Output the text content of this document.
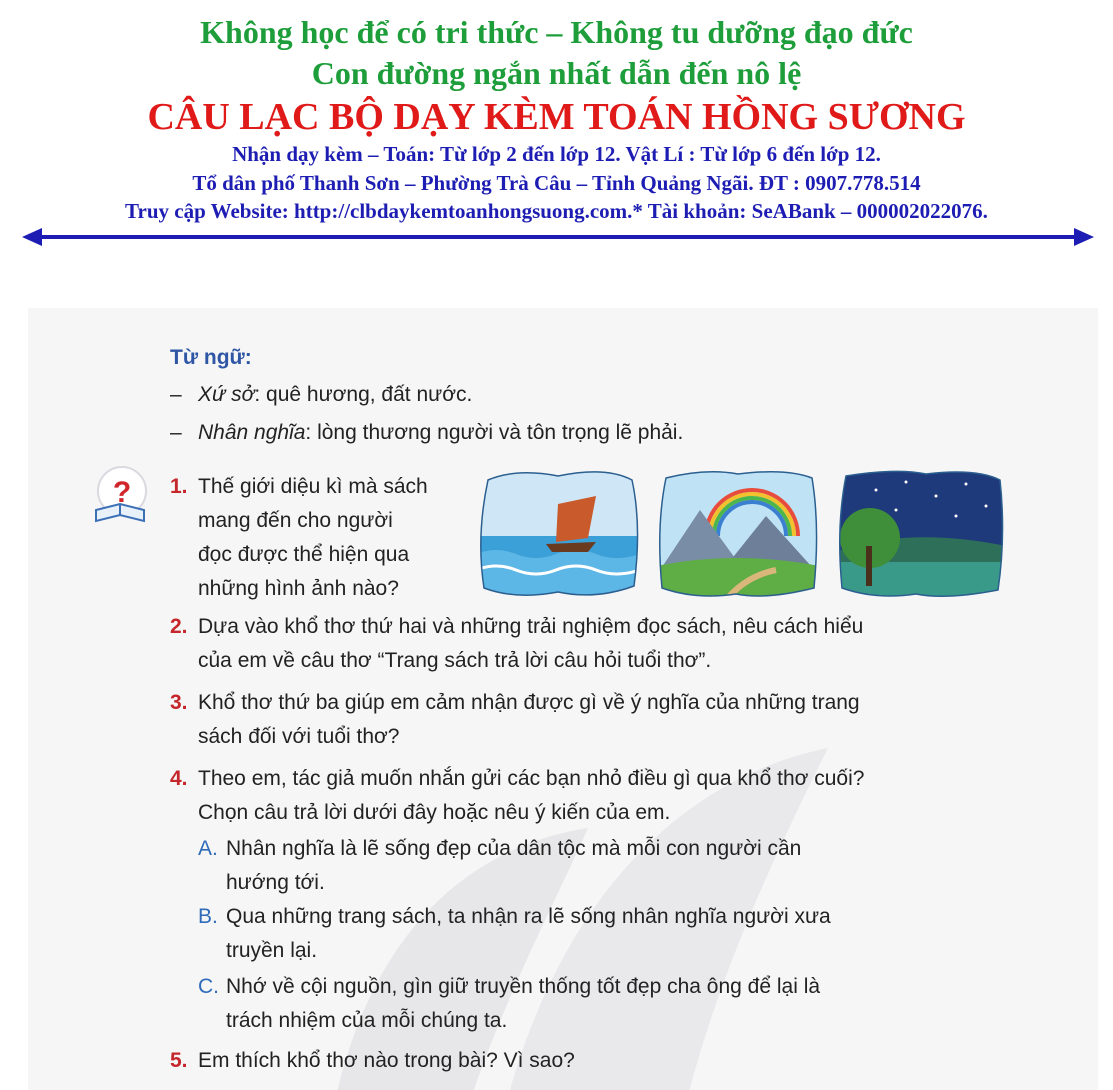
Không học để có tri thức – Không tu dưỡng đạo đức
Con đường ngắn nhất dẫn đến nô lệ
CÂU LẠC BỘ DẠY KÈM TOÁN HỒNG SƯƠNG
Nhận dạy kèm – Toán: Từ lớp 2 đến lớp 12. Vật Lí : Từ lớp 6 đến lớp 12.
Tổ dân phố Thanh Sơn – Phường Trà Câu – Tỉnh Quảng Ngãi. ĐT : 0907.778.514
Truy cập Website: http://clbdaykemtoanhongsuong.com.* Tài khoản: SeABank – 000002022076.
Từ ngữ:
– Xứ sở: quê hương, đất nước.
– Nhân nghĩa: lòng thương người và tôn trọng lẽ phải.
? 1. Thế giới diệu kì mà sách
mang đến cho người
đọc được thể hiện qua
những hình ảnh nào?
2. Dựa vào khổ thơ thứ hai và những trải nghiệm đọc sách, nêu cách hiểu
của em về câu thơ “Trang sách trả lời câu hỏi tuổi thơ”.
3. Khổ thơ thứ ba giúp em cảm nhận được gì về ý nghĩa của những trang
sách đối với tuổi thơ?
4. Theo em, tác giả muốn nhắn gửi các bạn nhỏ điều gì qua khổ thơ cuối?
Chọn câu trả lời dưới đây hoặc nêu ý kiến của em.
A. Nhân nghĩa là lẽ sống đẹp của dân tộc mà mỗi con người cần
hướng tới.
B. Qua những trang sách, ta nhận ra lẽ sống nhân nghĩa người xưa
truyền lại.
C. Nhớ về cội nguồn, gìn giữ truyền thống tốt đẹp cha ông để lại là
trách nhiệm của mỗi chúng ta.
5. Em thích khổ thơ nào trong bài? Vì sao?
